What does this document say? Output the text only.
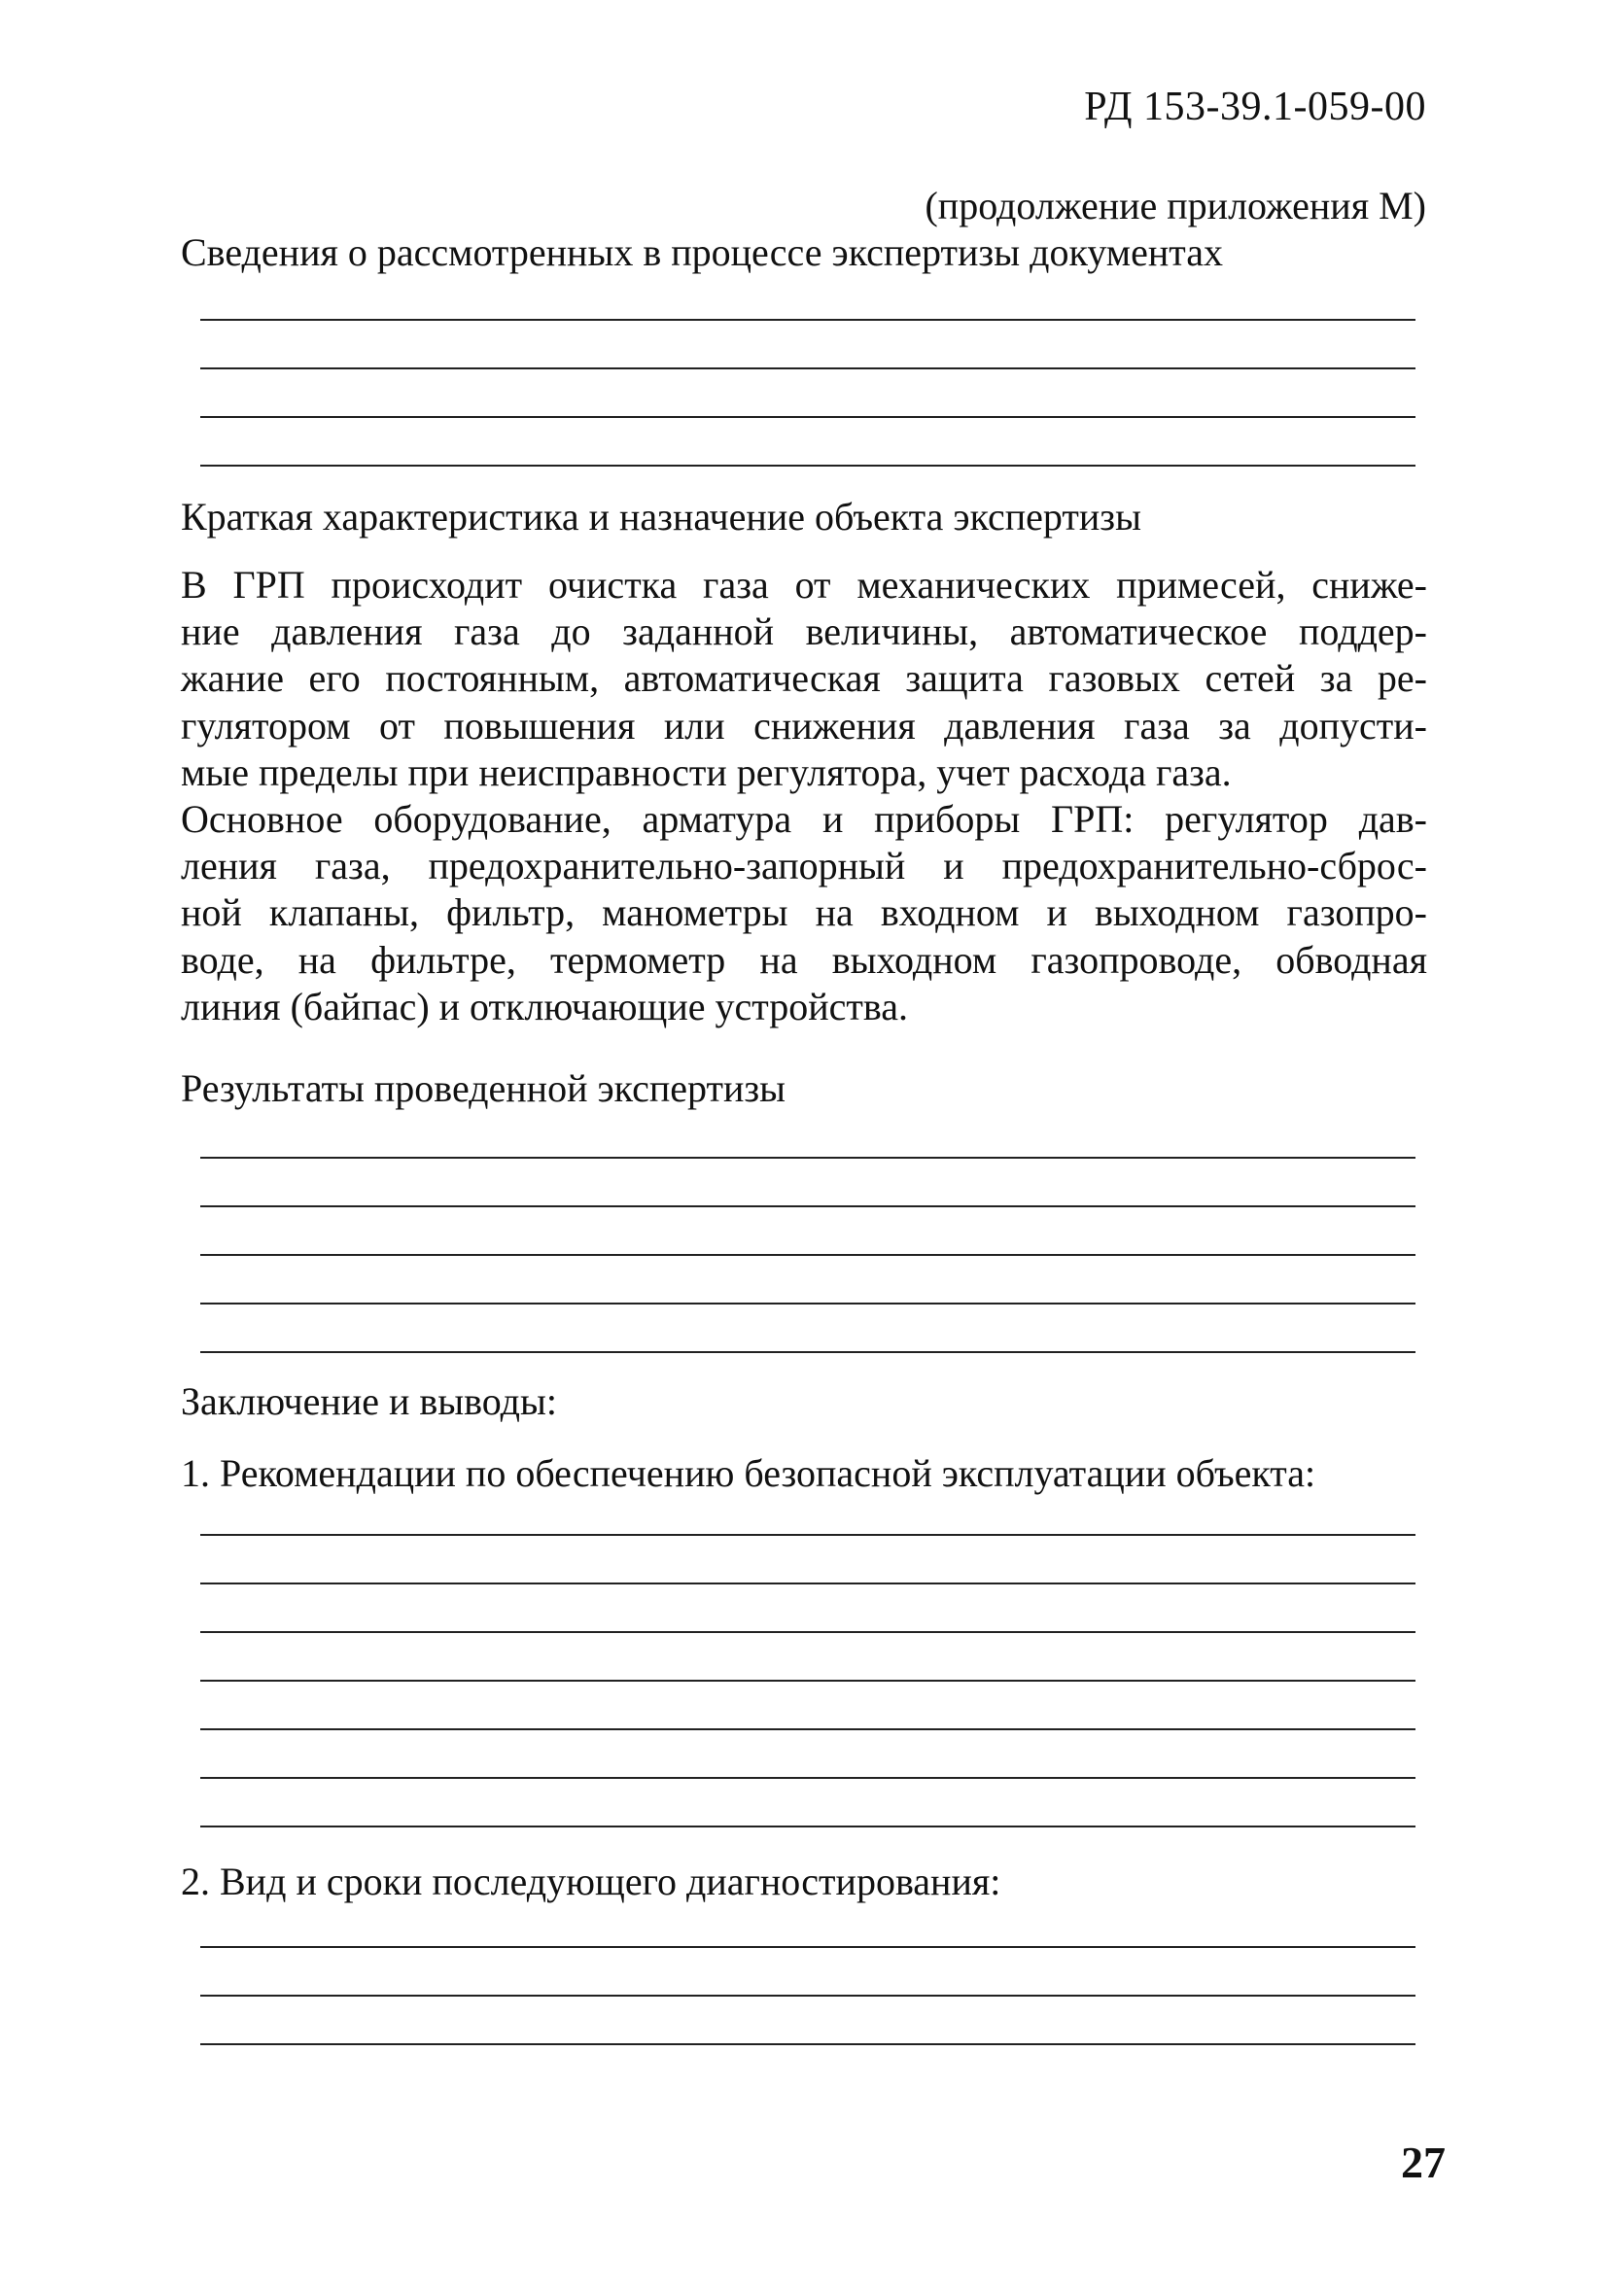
РД 153-39.1-059-00
(продолжение приложения М)
Сведения о рассмотренных в процессе экспертизы документах
Краткая характеристика и назначение объекта экспертизы
В ГРП происходит очистка газа от механических примесей, сниже-
ние давления газа до заданной величины, автоматическое поддер-
жание его постоянным, автоматическая защита газовых сетей за ре-
гулятором от повышения или снижения давления газа за допусти-
мые пределы при неисправности регулятора, учет расхода газа.
Основное оборудование, арматура и приборы ГРП: регулятор дав-
ления газа, предохранительно-запорный и предохранительно-сброс-
ной клапаны, фильтр, манометры на входном и выходном газопро-
воде, на фильтре, термометр на выходном газопроводе, обводная
линия (байпас) и отключающие устройства.
Результаты проведенной экспертизы
Заключение и выводы:
1. Рекомендации по обеспечению безопасной эксплуатации объекта:
2. Вид и сроки последующего диагностирования:
27
